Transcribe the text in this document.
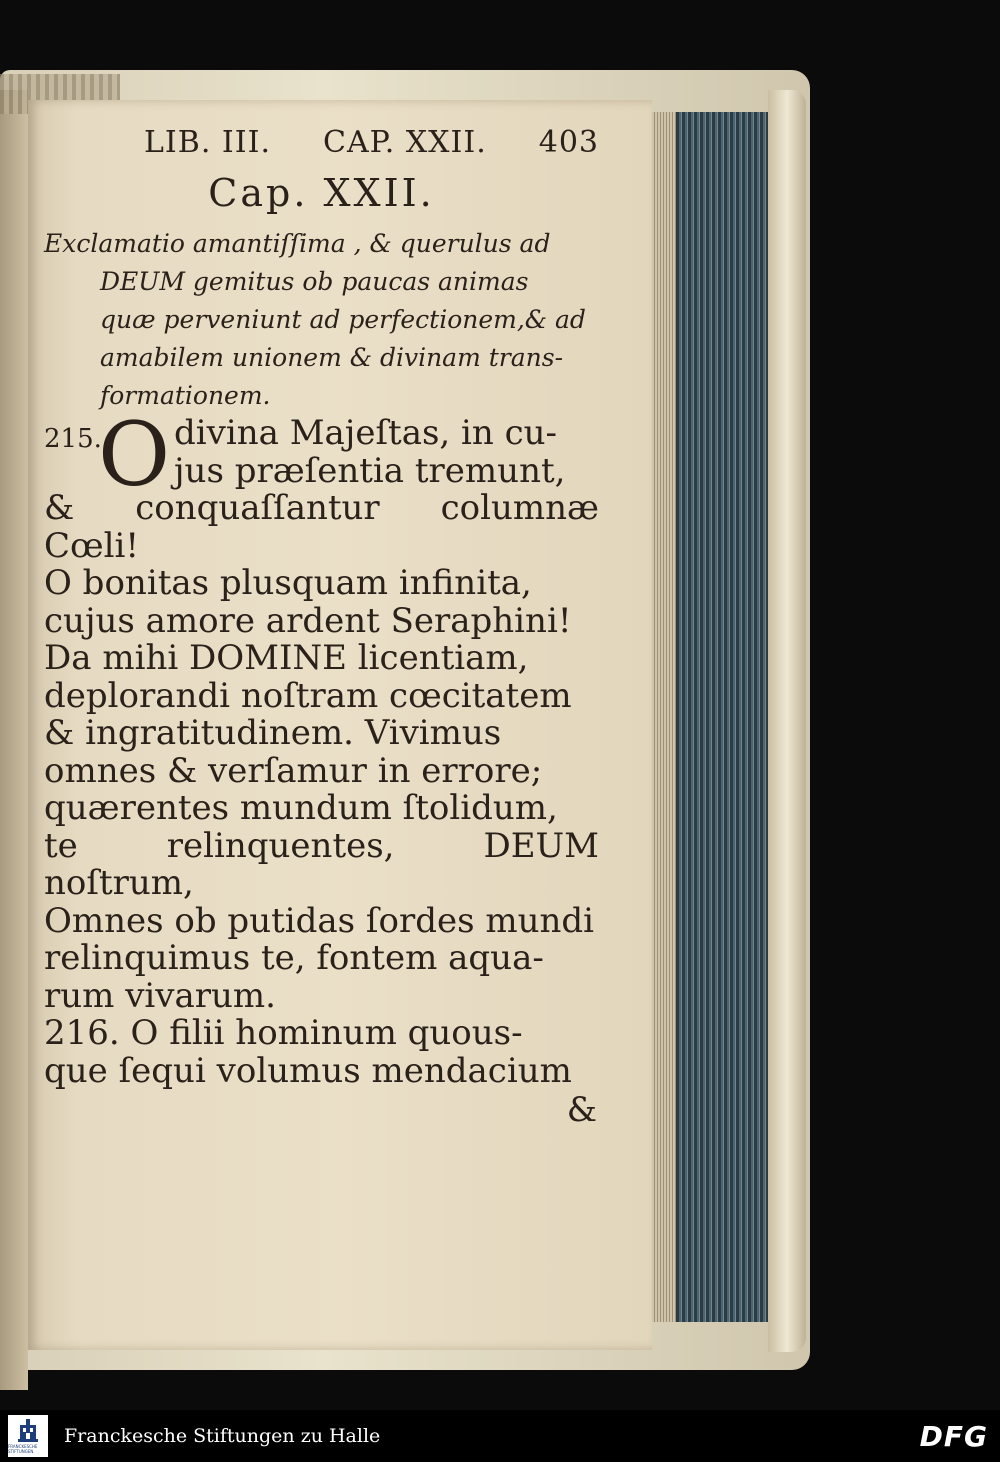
LIB. III. CAP. XXII. 403
Cap. XXII.
Exclamatio amantiſſima , & querulus ad
DEUM gemitus ob paucas animas
quæ perveniunt ad perfectionem,& ad
amabilem unionem & divinam trans-
formationem.
215.
O divina Majeſtas, in cu-
jus præſentia tremunt,
& conquaſſantur columnæ Cœli!
O bonitas plusquam infinita,
cujus amore ardent Seraphini!
Da mihi DOMINE licentiam,
deplorandi noſtram cœcitatem
& ingratitudinem. Vivimus
omnes & verſamur in errore;
quærentes mundum ſtolidum,
te relinquentes, DEUM noſtrum,
Omnes ob putidas ſordes mundi
relinquimus te, fontem aqua-
rum vivarum.
216. O filii hominum quous-
que ſequi volumus mendacium
&
FRANCKESCHE STIFTUNGEN
Franckesche Stiftungen zu Halle	DFG
